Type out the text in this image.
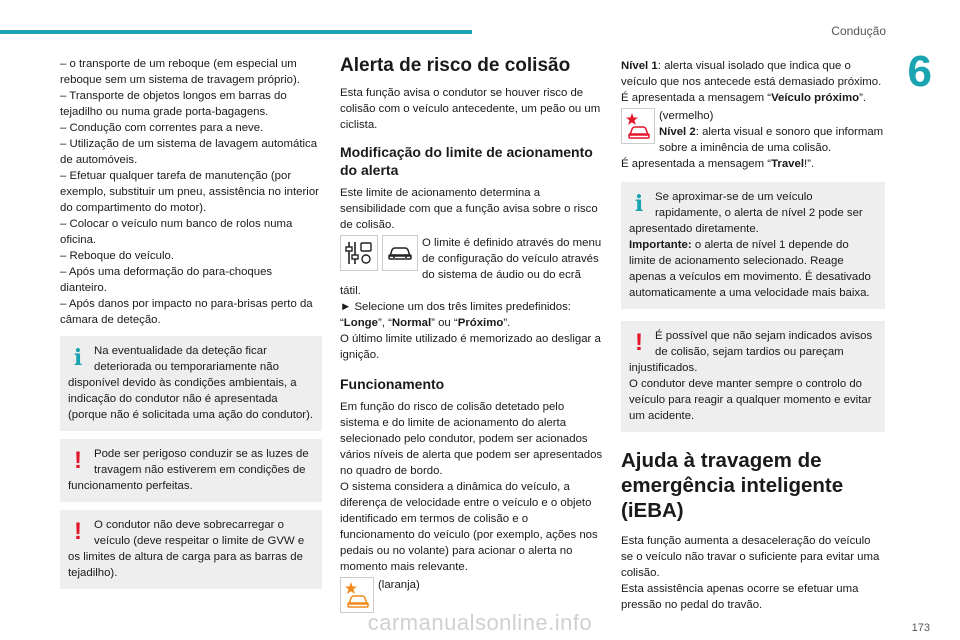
Condução
6

– o transporte de um reboque (em especial um reboque sem um sistema de travagem próprio).

– Transporte de objetos longos em barras do tejadilho ou numa grade porta-bagagens.

– Condução com correntes para a neve.

– Utilização de um sistema de lavagem automática de automóveis.

– Efetuar qualquer tarefa de manutenção (por exemplo, substituir um pneu, assistência no interior do compartimento do motor).

– Colocar o veículo num banco de rolos numa oficina.

– Reboque do veículo.

– Após uma deformação do para-choques dianteiro.

– Após danos por impacto no para-brisas perto da câmara de deteção.

i	Na eventualidade da deteção ficar deteriorada ou temporariamente não disponível devido às condições ambientais, a indicação do condutor não é apresentada (porque não é solicitada uma ação do condutor).
!	Pode ser perigoso conduzir se as luzes de travagem não estiverem em condições de funcionamento perfeitas.
!	O condutor não deve sobrecarregar o veículo (deve respeitar o limite de GVW e os limites de altura de carga para as barras de tejadilho).
Alerta de risco de colisão

Esta função avisa o condutor se houver risco de colisão com o veículo antecedente, um peão ou um ciclista.

Modificação do limite de acionamento do alerta

Este limite de acionamento determina a sensibilidade com que a função avisa sobre o risco de colisão.

O limite é definido através do menu de configuração do veículo através do sistema de áudio ou do ecrã tátil.

► Selecione um dos três limites predefinidos: “Longe”, “Normal” ou “Próximo”.

O último limite utilizado é memorizado ao desligar a ignição.

Funcionamento

Em função do risco de colisão detetado pelo sistema e do limite de acionamento do alerta selecionado pelo condutor, podem ser acionados vários níveis de alerta que podem ser apresentados no quadro de bordo.

O sistema considera a dinâmica do veículo, a diferença de velocidade entre o veículo e o objeto identificado em termos de colisão e o funcionamento do veículo (por exemplo, ações nos pedais ou no volante) para acionar o alerta no momento mais relevante.

(laranja)

Nível 1: alerta visual isolado que indica que o veículo que nos antecede está demasiado próximo.

É apresentada a mensagem “Veículo próximo”.

(vermelho)

Nível 2: alerta visual e sonoro que informam sobre a iminência de uma colisão.

É apresentada a mensagem “Travel!”.

i	Se aproximar-se de um veículo rapidamente, o alerta de nível 2 pode ser apresentado diretamente.

Importante: o alerta de nível 1 depende do limite de acionamento selecionado. Reage apenas a veículos em movimento. É desativado automaticamente a uma velocidade mais baixa.

!	É possível que não sejam indicados avisos de colisão, sejam tardios ou pareçam injustificados.

O condutor deve manter sempre o controlo do veículo para reagir a qualquer momento e evitar um acidente.

Ajuda à travagem de emergência inteligente (iEBA)

Esta função aumenta a desaceleração do veículo se o veículo não travar o suficiente para evitar uma colisão.

Esta assistência apenas ocorre se efetuar uma pressão no pedal do travão.

carmanualsonline.info	173
